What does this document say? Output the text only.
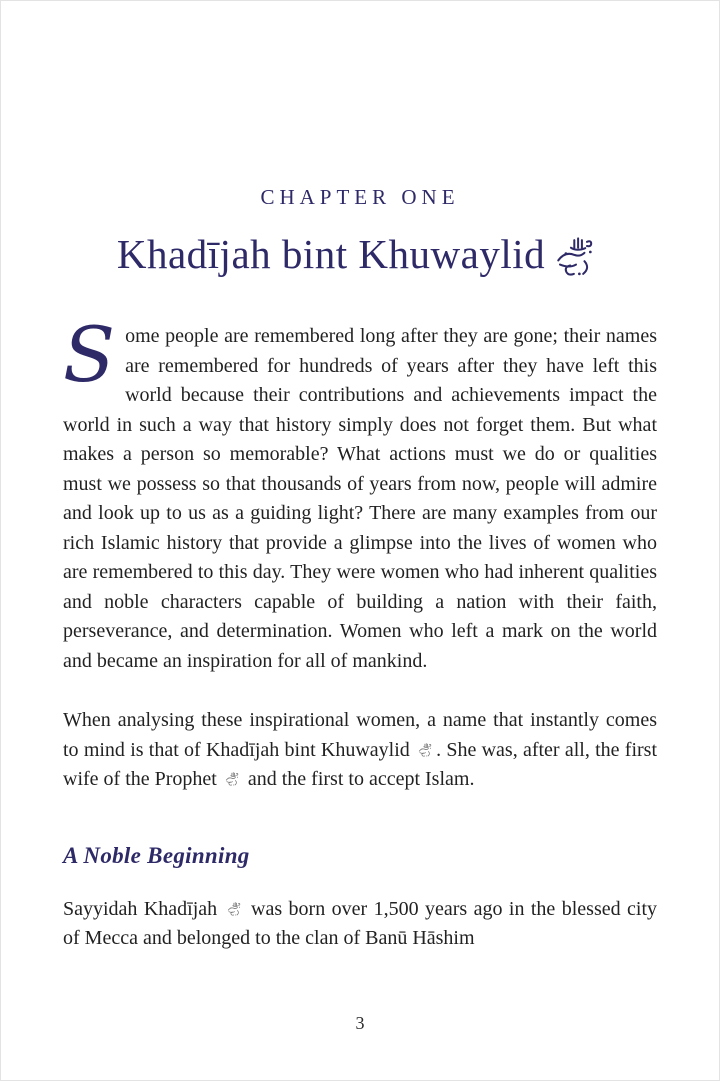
CHAPTER ONE
Khadījah bint Khuwaylid

Some people are remembered long after they are gone; their names are remembered for hundreds of years after they have left this world because their contributions and achievements impact the world in such a way that history simply does not forget them. But what makes a person so memorable? What actions must we do or qualities must we possess so that thousands of years from now, people will admire and look up to us as a guiding light? There are many examples from our rich Islamic history that provide a glimpse into the lives of women who are remembered to this day. They were women who had inherent qualities and noble characters capable of building a nation with their faith, perseverance, and determination. Women who left a mark on the world and became an inspiration for all of mankind.

When analysing these inspirational women, a name that instantly comes to mind is that of Khadījah bint Khuwaylid . She was, after all, the first wife of the Prophet  and the first to accept Islam.

A Noble Beginning

Sayyidah Khadījah  was born over 1,500 years ago in the blessed city of Mecca and belonged to the clan of Banū Hāshim

3
